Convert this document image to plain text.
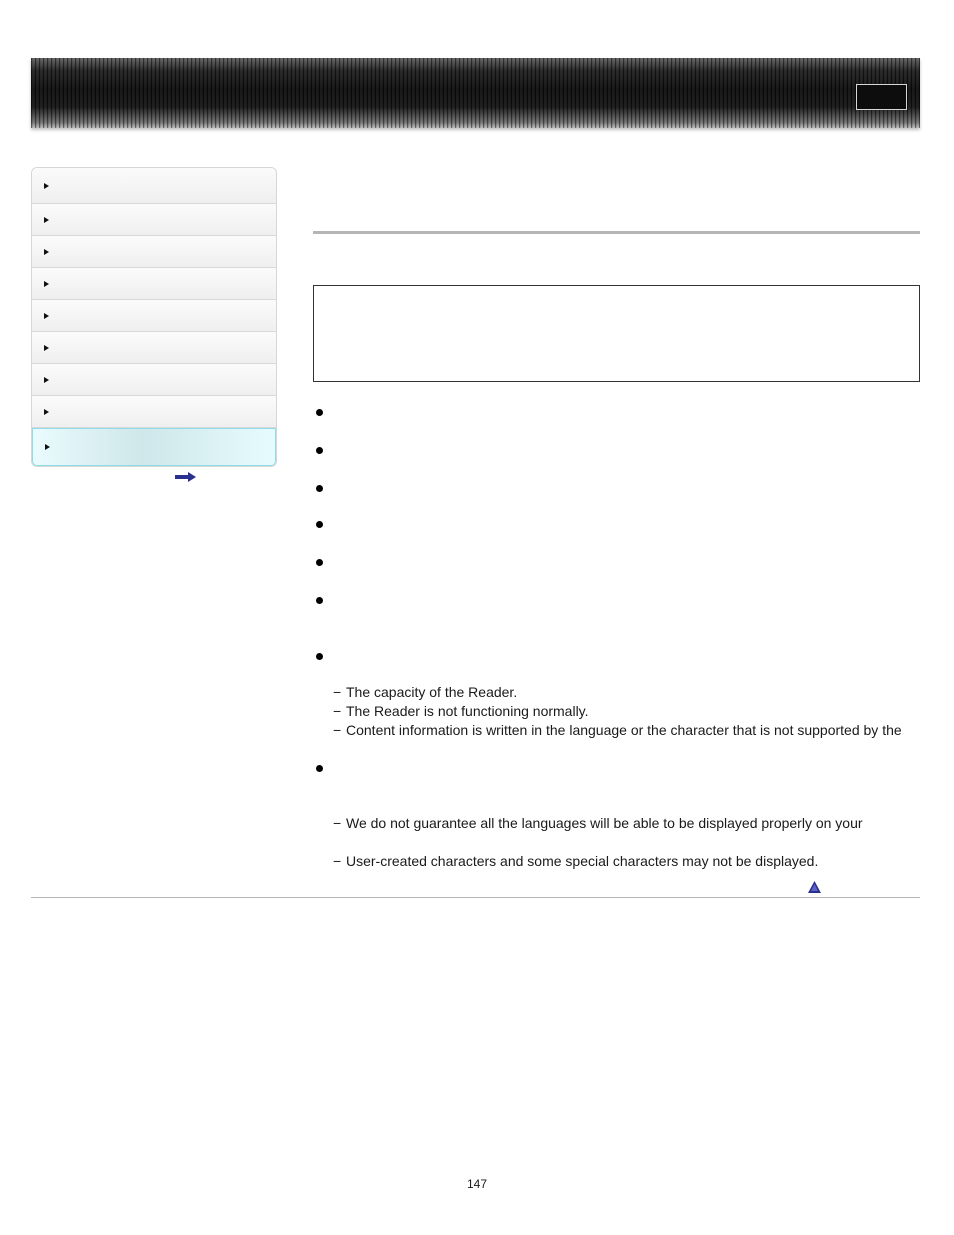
− The capacity of the Reader.
− The Reader is not functioning normally.
− Content information is written in the language or the character that is not supported by the
− We do not guarantee all the languages will be able to be displayed properly on your
− User-created characters and some special characters may not be displayed.
147
